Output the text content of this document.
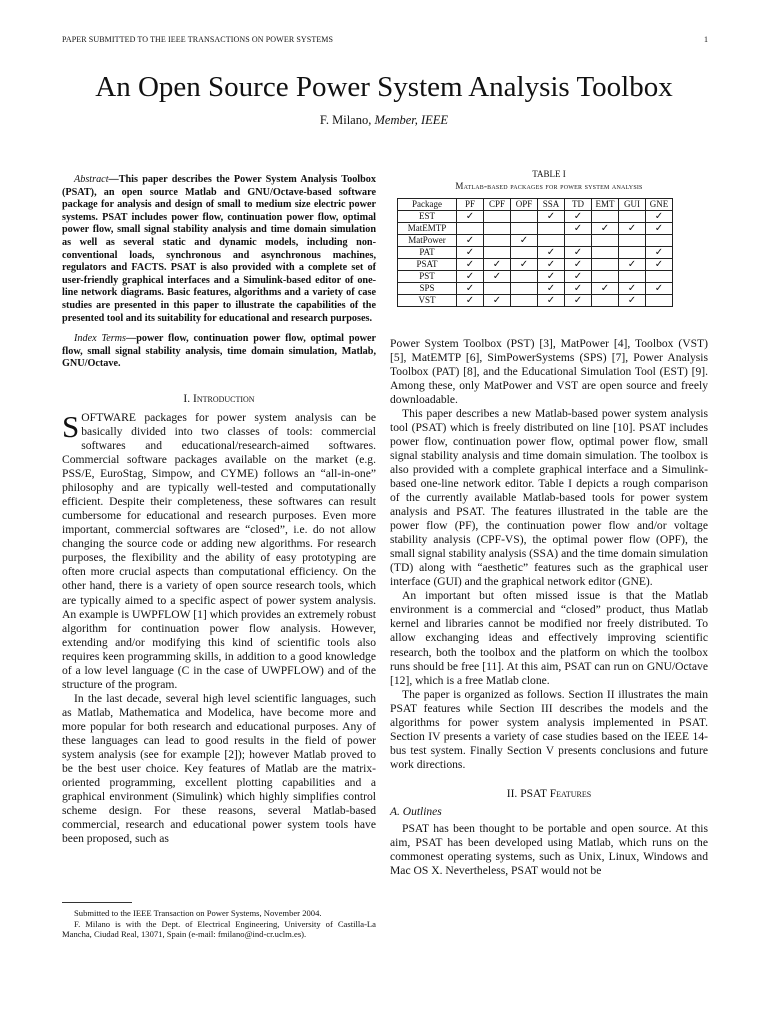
PAPER SUBMITTED TO THE IEEE TRANSACTIONS ON POWER SYSTEMS	1
An Open Source Power System Analysis Toolbox
F. Milano, Member, IEEE

Abstract—This paper describes the Power System Analysis Toolbox (PSAT), an open source Matlab and GNU/Octave-based software package for analysis and design of small to medium size electric power systems. PSAT includes power flow, continuation power flow, optimal power flow, small signal stability analysis and time domain simulation as well as several static and dynamic models, including non-conventional loads, synchronous and asynchronous machines, regulators and FACTS. PSAT is also provided with a complete set of user-friendly graphical interfaces and a Simulink-based editor of one-line network diagrams. Basic features, algorithms and a variety of case studies are presented in this paper to illustrate the capabilities of the presented tool and its suitability for educational and research purposes.

Index Terms—power flow, continuation power flow, optimal power flow, small signal stability analysis, time domain simulation, Matlab, GNU/Octave.

I. Introduction

SOFTWARE packages for power system analysis can be basically divided into two classes of tools: commercial softwares and educational/research-aimed softwares. Commercial software packages available on the market (e.g. PSS/E, EuroStag, Simpow, and CYME) follows an “all-in-one” philosophy and are typically well-tested and computationally efficient. Despite their completeness, these softwares can result cumbersome for educational and research purposes. Even more important, commercial softwares are “closed”, i.e. do not allow changing the source code or adding new algorithms. For research purposes, the flexibility and the ability of easy prototyping are often more crucial aspects than computational efficiency. On the other hand, there is a variety of open source research tools, which are typically aimed to a specific aspect of power system analysis. An example is UWPFLOW [1] which provides an extremely robust algorithm for continuation power flow analysis. However, extending and/or modifying this kind of scientific tools also requires keen programming skills, in addition to a good knowledge of a low level language (C in the case of UWPFLOW) and of the structure of the program.

In the last decade, several high level scientific languages, such as Matlab, Mathematica and Modelica, have become more and more popular for both research and educational purposes. Any of these languages can lead to good results in the field of power system analysis (see for example [2]); however Matlab proved to be the best user choice. Key features of Matlab are the matrix-oriented programming, excellent plotting capabilities and a graphical environment (Simulink) which highly simplifies control scheme design. For these reasons, several Matlab-based commercial, research and educational power system tools have been proposed, such as

Submitted to the IEEE Transaction on Power Systems, November 2004.

F. Milano is with the Dept. of Electrical Engineering, University of Castilla-La Mancha, Ciudad Real, 13071, Spain (e-mail: fmilano@ind-cr.uclm.es).

TABLE I

Matlab-based packages for power system analysis

Package	PF	CPF	OPF	SSA	TD	EMT	GUI	GNE
EST	✓			✓	✓			✓
MatEMTP					✓	✓	✓	✓
MatPower	✓		✓					
PAT	✓			✓	✓			✓
PSAT	✓	✓	✓	✓	✓		✓	✓
PST	✓	✓		✓	✓			
SPS	✓			✓	✓	✓	✓	✓
VST	✓	✓		✓	✓		✓	

Power System Toolbox (PST) [3], MatPower [4], Toolbox (VST) [5], MatEMTP [6], SimPowerSystems (SPS) [7], Power Analysis Toolbox (PAT) [8], and the Educational Simulation Tool (EST) [9]. Among these, only MatPower and VST are open source and freely downloadable.

This paper describes a new Matlab-based power system analysis tool (PSAT) which is freely distributed on line [10]. PSAT includes power flow, continuation power flow, optimal power flow, small signal stability analysis and time domain simulation. The toolbox is also provided with a complete graphical interface and a Simulink-based one-line network editor. Table I depicts a rough comparison of the currently available Matlab-based tools for power system analysis and PSAT. The features illustrated in the table are the power flow (PF), the continuation power flow and/or voltage stability analysis (CPF-VS), the optimal power flow (OPF), the small signal stability analysis (SSA) and the time domain simulation (TD) along with “aesthetic” features such as the graphical user interface (GUI) and the graphical network editor (GNE).

An important but often missed issue is that the Matlab environment is a commercial and “closed” product, thus Matlab kernel and libraries cannot be modified nor freely distributed. To allow exchanging ideas and effectively improving scientific research, both the toolbox and the platform on which the toolbox runs should be free [11]. At this aim, PSAT can run on GNU/Octave [12], which is a free Matlab clone.

The paper is organized as follows. Section II illustrates the main PSAT features while Section III describes the models and the algorithms for power system analysis implemented in PSAT. Section IV presents a variety of case studies based on the IEEE 14-bus test system. Finally Section V presents conclusions and future work directions.

II. PSAT Features
A. Outlines

PSAT has been thought to be portable and open source. At this aim, PSAT has been developed using Matlab, which runs on the commonest operating systems, such as Unix, Linux, Windows and Mac OS X. Nevertheless, PSAT would not be
